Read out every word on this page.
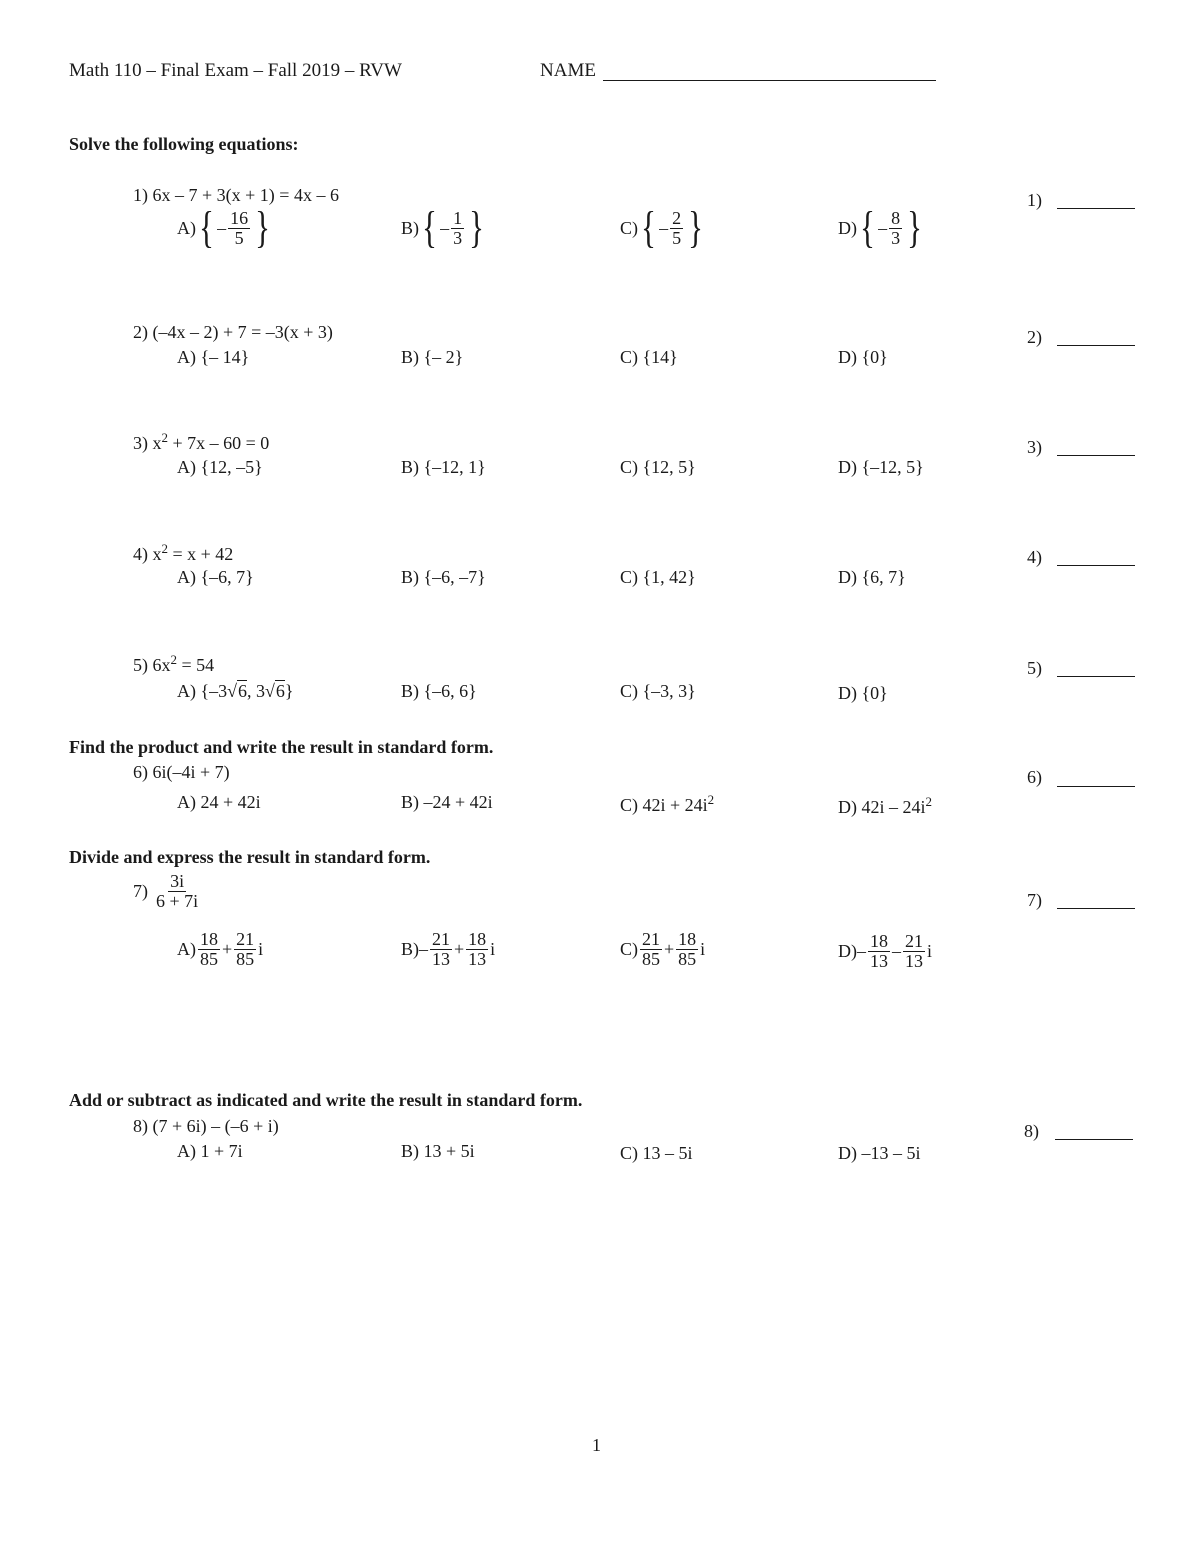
Math 110 – Final Exam – Fall 2019 – RVW	NAME
Solve the following equations:
1) 6x – 7 + 3(x + 1) = 4x – 6
A) { – $\frac{16}{5}$ }	B) { – $\frac{1}{3}$ }	C) { – $\frac{2}{5}$ }	D) { – $\frac{8}{3}$ }
1)
2) (–4x – 2) + 7 = –3(x + 3)
A) {– 14}	B) {– 2}	C) {14}	D) {0}
2)
3) $x^2 + 7x - 60 = 0$
A) {12, –5}	B) {–12, 1}	C) {12, 5}	D) {–12, 5}
3)
4) $x^2 = x + 42$
A) {–6, 7}	B) {–6, –7}	C) {1, 42}	D) {6, 7}
4)
5) $6x^2 = 54$
A) {–3√6, 3√6}	B) {–6, 6}	C) {–3, 3}	D) {0}
5)
Find the product and write the result in standard form.
6) 6i(–4i + 7)
A) 24 + 42i	B) –24 + 42i	C) $42i + 24i^2$	D) $42i - 24i^2$
6)
Divide and express the result in standard form.
$7) \frac{3i}{6 + 7i}$
$A) \frac{18}{85} + \frac{21}{85}$ i	$B) - \frac{21}{13} + \frac{18}{13}$ i	$C) \frac{21}{85} + \frac{18}{85}$ i	$D) - \frac{18}{13} - \frac{21}{13}$ i
7)
Add or subtract as indicated and write the result in standard form.
8) (7 + 6i) – (–6 + i)
A) 1 + 7i	B) 13 + 5i	C) 13 – 5i	D) –13 – 5i
8)
1
